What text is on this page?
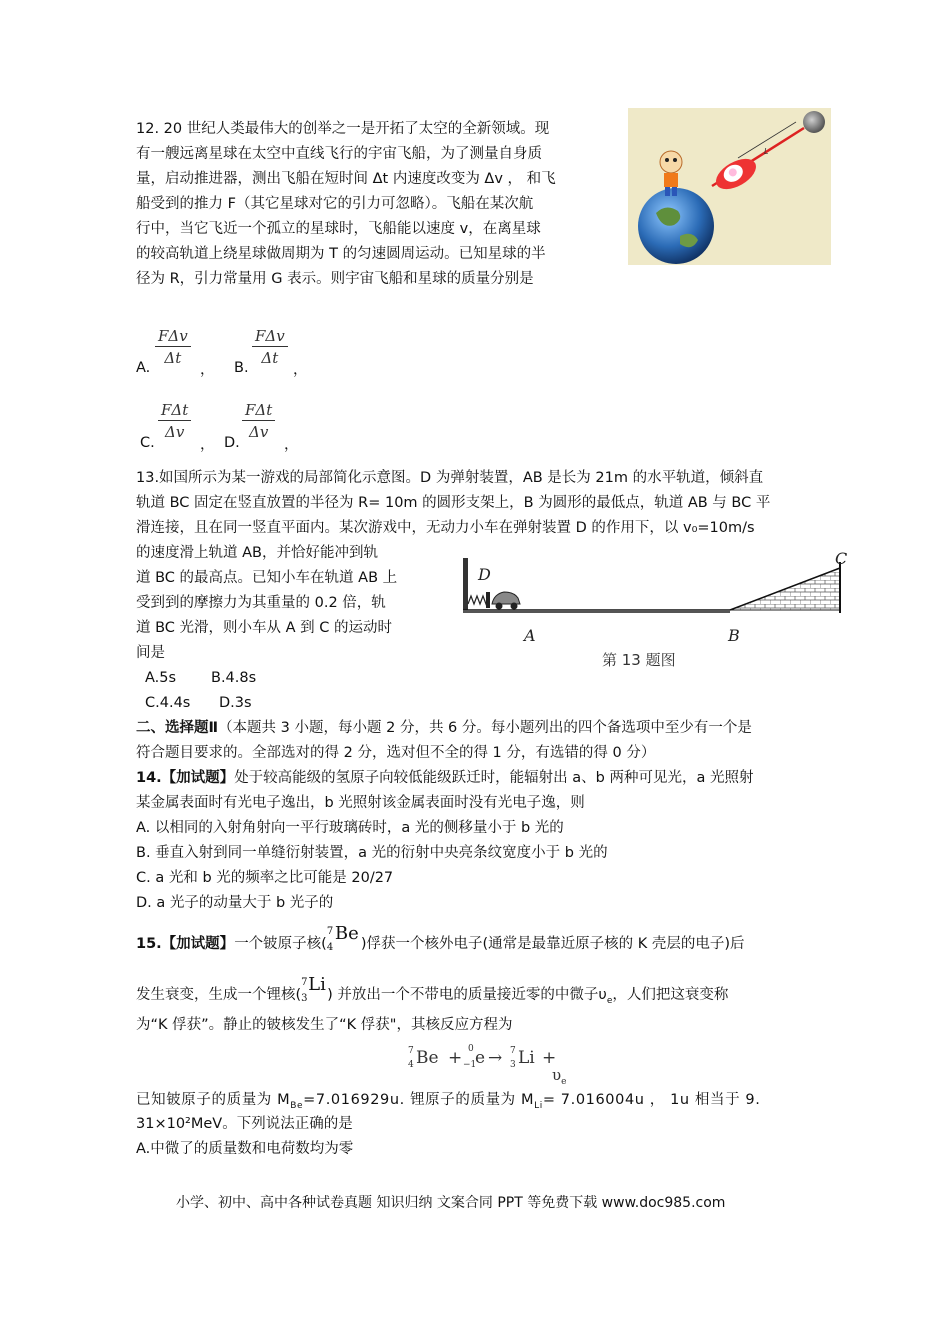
12. 20 世纪人类最伟大的创举之一是开拓了太空的全新领域。现
有一艘远离星球在太空中直线飞行的宇宙飞船，为了测量自身质
量，启动推进器，测出飞船在短时间 Δt 内速度改变为 Δv ， 和飞
船受到的推力 F（其它星球对它的引力可忽略）。飞船在某次航
行中，当它飞近一个孤立的星球时，飞船能以速度 v，在离星球
的较高轨道上绕星球做周期为 T 的匀速圆周运动。已知星球的半
径为 R，引力常量用 G 表示。则宇宙飞船和星球的质量分别是
L
A.
FΔv
Δt
， B.
FΔv
Δt
，
C.
FΔt
Δv
， D.
FΔt
Δv
，
13.如国所示为某一游戏的局部简化示意图。D 为弹射装置，AB 是长为 21m 的水平轨道，倾斜直
轨道 BC 固定在竖直放置的半径为 R= 10m 的圆形支架上，B 为圆形的最低点，轨道 AB 与 BC 平
滑连接，且在同一竖直平面内。某次游戏中，无动力小车在弹射装置 D 的作用下，以 v₀=10m/s
的速度滑上轨道 AB，并恰好能冲到轨
道 BC 的最高点。已知小车在轨道 AB 上
受到到的摩擦力为其重量的 0.2 倍，轨
道 BC 光滑，则小车从 A 到 C 的运动时
间是
A.5s B.4.8s
C.4.4s D.3s
D
A	B
C
第 13 题图
二、选择题Ⅱ（本题共 3 小题，每小题 2 分，共 6 分。每小题列出的四个备选项中至少有一个是
符合题目要求的。全部选对的得 2 分，选对但不全的得 1 分，有选错的得 0 分）
14.【加试题】处于较高能级的氢原子向较低能级跃迁时，能辐射出 a、b 两种可见光，a 光照射
某金属表面时有光电子逸出，b 光照射该金属表面时没有光电子逸，则
A. 以相同的入射角射向一平行玻璃砖时，a 光的侧移量小于 b 光的
B. 垂直入射到同一单缝衍射装置，a 光的衍射中央亮条纹宽度小于 b 光的
C. a 光和 b 光的频率之比可能是 20/27
D. a 光子的动量大于 b 光子的
15.【加试题】一个铍原子核(
7
4
Be )俘获一个核外电子(通常是最靠近原子核的 K 壳层的电子)后
发生衰变，生成一个锂核(
7
3
Li ) 并放出一个不带电的质量接近零的中微子$\upsilon_e$，人们把这衰变称
为“K 俘获”。静止的铍核发生了“K 俘获"，其核反应方程为
7
4 Be + 0
−1
e → 7
3 Li +
$\upsilon_e$
已知铍原子的质量为 $M_{Be}=7.016929u$. 锂原子的质量为 $M_{Li}= 7.016004u$ ， 1u 相当于 9.
31×10²MeV。下列说法正确的是
A.中微了的质量数和电荷数均为零
小学、初中、高中各种试卷真题 知识归纳 文案合同 PPT 等免费下载 www.doc985.com
